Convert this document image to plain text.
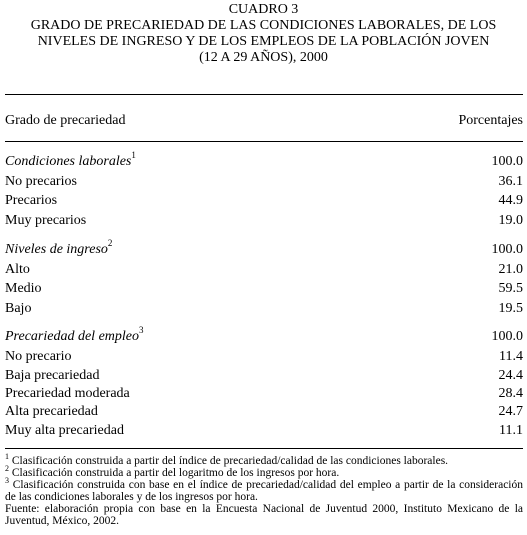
CUADRO 3
GRADO DE PRECARIEDAD DE LAS CONDICIONES LABORALES, DE LOS
NIVELES DE INGRESO Y DE LOS EMPLEOS DE LA POBLACIÓN JOVEN
(12 A 29 AÑOS), 2000
Grado de precariedad	Porcentajes
Condiciones laborales$^1$	100.0
No precarios	36.1
Precarios	44.9
Muy precarios	19.0
Niveles de ingreso$^2$	100.0
Alto	21.0
Medio	59.5
Bajo	19.5
Precariedad del empleo$^3$	100.0
No precario	11.4
Baja precariedad	24.4
Precariedad moderada	28.4
Alta precariedad	24.7
Muy alta precariedad	11.1
$^1$ Clasificación construida a partir del índice de precariedad/calidad de las condiciones laborales.
$^2$ Clasificación construida a partir del logaritmo de los ingresos por hora.
$^3$ Clasificación construida con base en el índice de precariedad/calidad del empleo a partir de la consideración de las condiciones laborales y de los ingresos por hora.
Fuente: elaboración propia con base en la Encuesta Nacional de Juventud 2000, Instituto Mexicano de la Juventud, México, 2002.
